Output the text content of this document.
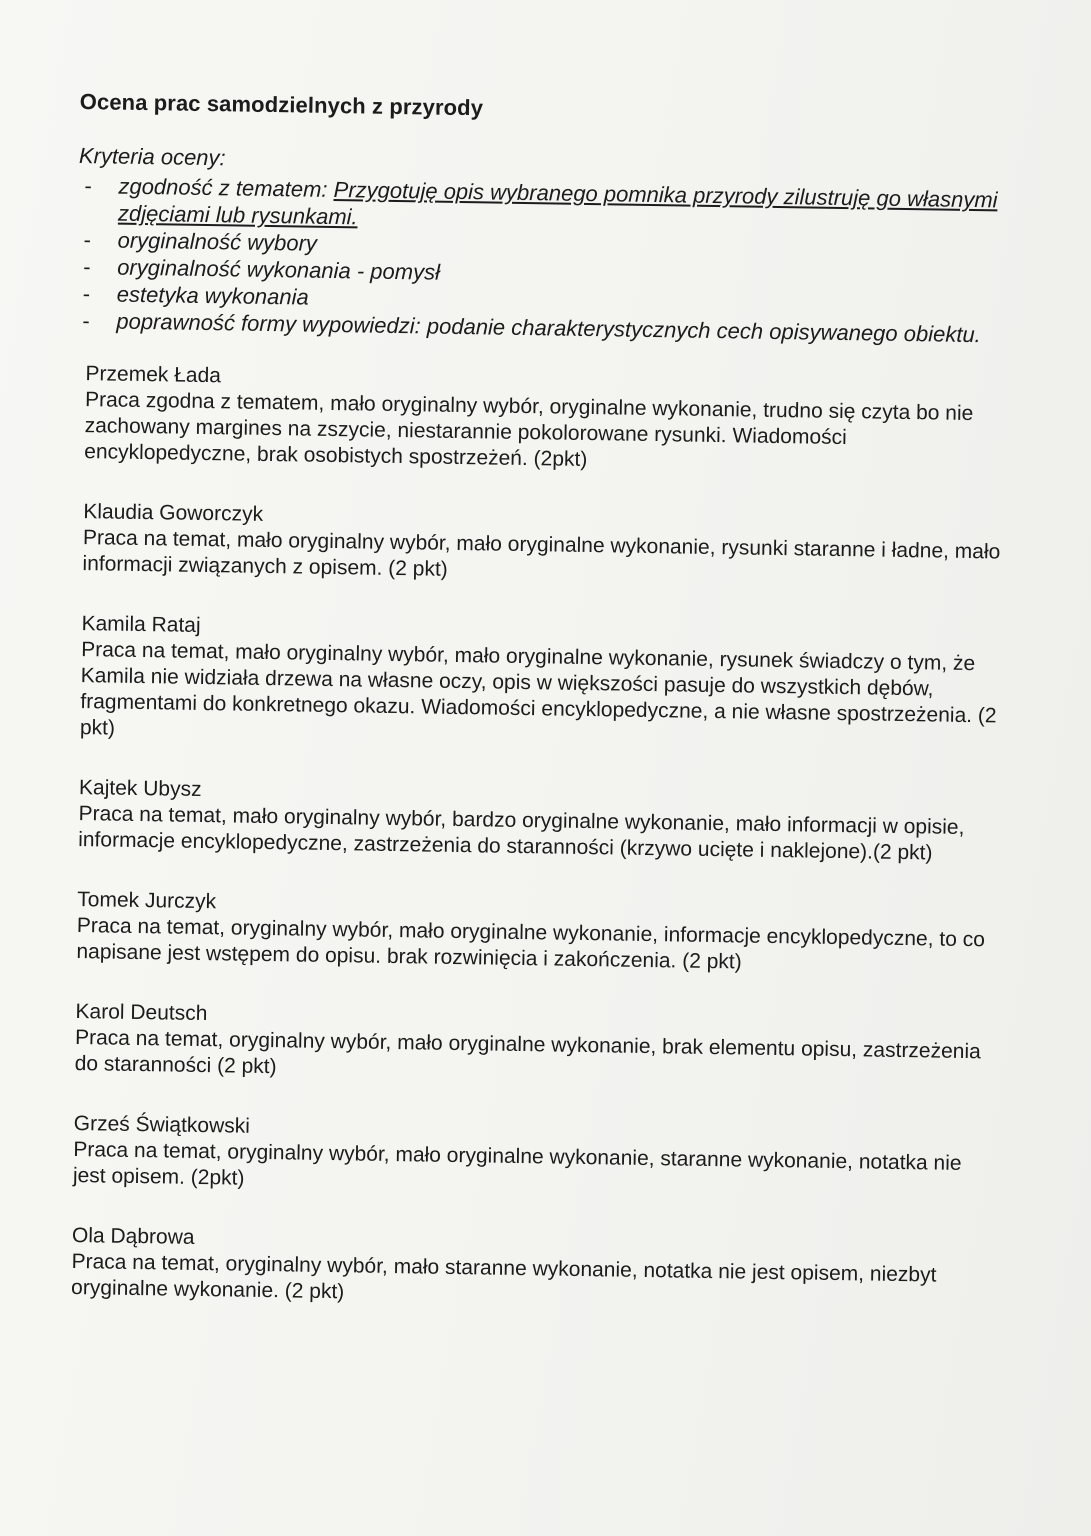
Ocena prac samodzielnych z przyrody
Kryteria oceny:
- zgodność z tematem: Przygotuję opis wybranego pomnika przyrody zilustruję go własnymi zdjęciami lub rysunkami.
- oryginalność wybory
- oryginalność wykonania - pomysł
- estetyka wykonania
- poprawność formy wypowiedzi: podanie charakterystycznych cech opisywanego obiektu.
Przemek Łada
Praca zgodna z tematem, mało oryginalny wybór, oryginalne wykonanie, trudno się czyta bo nie zachowany margines na zszycie, niestarannie pokolorowane rysunki. Wiadomości encyklopedyczne, brak osobistych spostrzeżeń. (2pkt)
Klaudia Goworczyk
Praca na temat, mało oryginalny wybór, mało oryginalne wykonanie, rysunki staranne i ładne, mało informacji związanych z opisem. (2 pkt)
Kamila Rataj
Praca na temat, mało oryginalny wybór, mało oryginalne wykonanie, rysunek świadczy o tym, że Kamila nie widziała drzewa na własne oczy, opis w większości pasuje do wszystkich dębów, fragmentami do konkretnego okazu. Wiadomości encyklopedyczne, a nie własne spostrzeżenia. (2 pkt)
Kajtek Ubysz
Praca na temat, mało oryginalny wybór, bardzo oryginalne wykonanie, mało informacji w opisie, informacje encyklopedyczne, zastrzeżenia do staranności (krzywo ucięte i naklejone).(2 pkt)
Tomek Jurczyk
Praca na temat, oryginalny wybór, mało oryginalne wykonanie, informacje encyklopedyczne, to co napisane jest wstępem do opisu. brak rozwinięcia i zakończenia. (2 pkt)
Karol Deutsch
Praca na temat, oryginalny wybór, mało oryginalne wykonanie, brak elementu opisu, zastrzeżenia do staranności (2 pkt)
Grześ Świątkowski
Praca na temat, oryginalny wybór, mało oryginalne wykonanie, staranne wykonanie, notatka nie jest opisem. (2pkt)
Ola Dąbrowa
Praca na temat, oryginalny wybór, mało staranne wykonanie, notatka nie jest opisem, niezbyt oryginalne wykonanie. (2 pkt)
